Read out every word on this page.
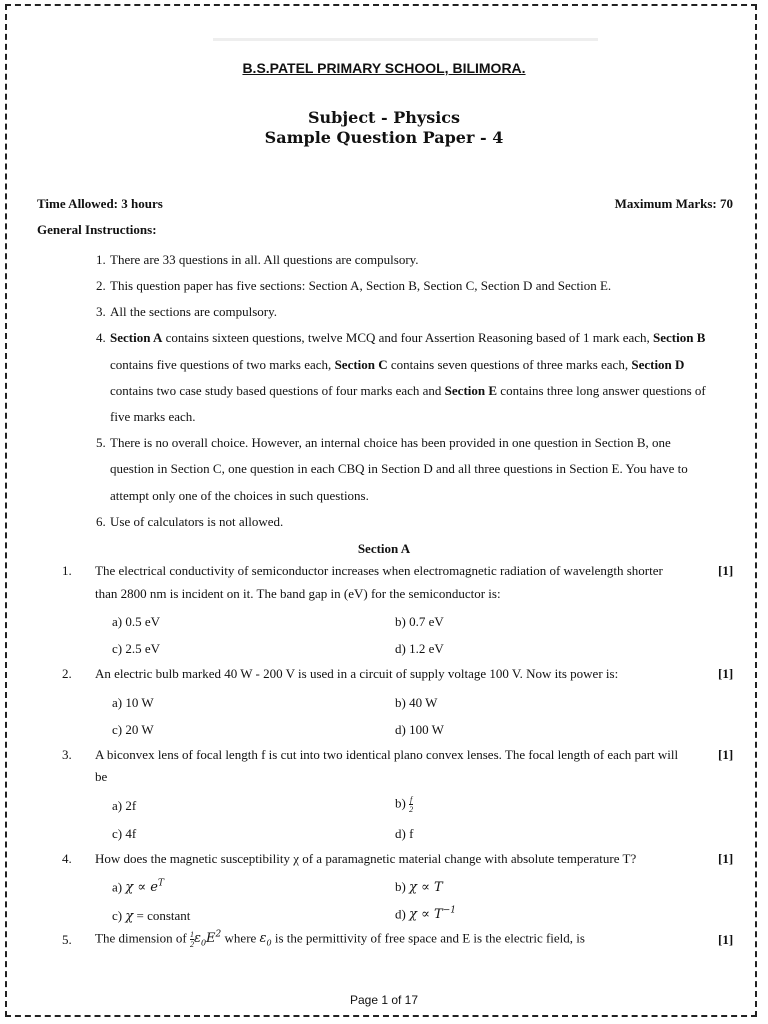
B.S.PATEL PRIMARY SCHOOL, BILIMORA.
Subject - Physics
Sample Question Paper - 4
Time Allowed: 3 hours	Maximum Marks: 70
General Instructions:
1. There are 33 questions in all. All questions are compulsory.
2. This question paper has five sections: Section A, Section B, Section C, Section D and Section E.
3. All the sections are compulsory.
4. Section A contains sixteen questions, twelve MCQ and four Assertion Reasoning based of 1 mark each, Section B
contains five questions of two marks each, Section C contains seven questions of three marks each, Section D
contains two case study based questions of four marks each and Section E contains three long answer questions of
five marks each.
5. There is no overall choice. However, an internal choice has been provided in one question in Section B, one
question in Section C, one question in each CBQ in Section D and all three questions in Section E. You have to
attempt only one of the choices in such questions.
6. Use of calculators is not allowed.
Section A
1. The electrical conductivity of semiconductor increases when electromagnetic radiation of wavelength shorter	[1]
than 2800 nm is incident on it. The band gap in (eV) for the semiconductor is:
a) 0.5 eV	b) 0.7 eV
c) 2.5 eV	d) 1.2 eV
2. An electric bulb marked 40 W - 200 V is used in a circuit of supply voltage 100 V. Now its power is:	[1]
a) 10 W	b) 40 W
c) 20 W	d) 100 W
3. A biconvex lens of focal length f is cut into two identical plano convex lenses. The focal length of each part will	[1]
be
a) 2f	$b) \frac{f}{2}$
c) 4f	d) f
4. How does the magnetic susceptibility χ of a paramagnetic material change with absolute temperature T?	[1]
a) $\chi \propto e^T$	b) χ ∝ T
c) χ = constant	d) $\chi \propto T^{-1}$
5. The dimension of $\frac{1}{2} \varepsilon_0E^2$ where $\varepsilon_0$ is the permittivity of free space and E is the electric field, is	[1]
Page 1 of 17
